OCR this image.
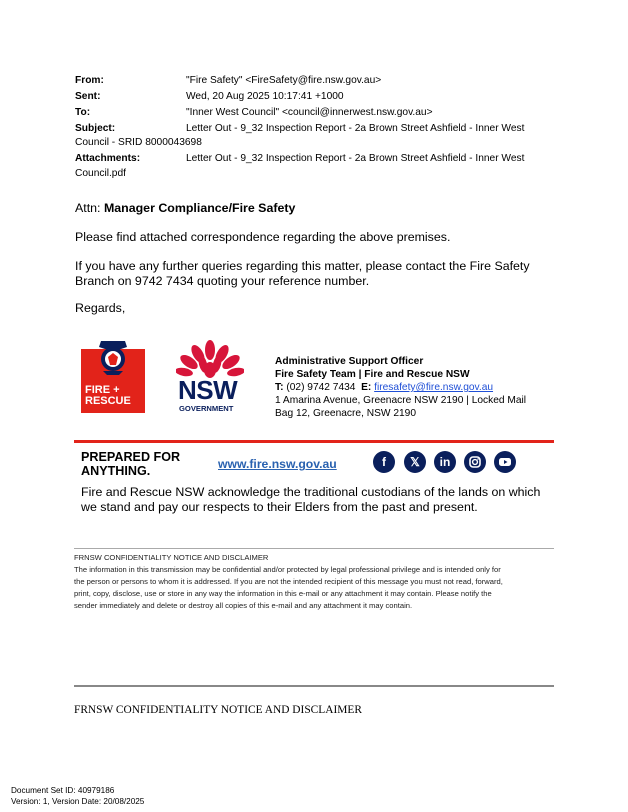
From:	"Fire Safety" <FireSafety@fire.nsw.gov.au>
Sent:	Wed, 20 Aug 2025 10:17:41 +1000
To:	"Inner West Council" <council@innerwest.nsw.gov.au>
Subject:	Letter Out - 9_32 Inspection Report - 2a Brown Street Ashfield - Inner West
Council - SRID 8000043698
Attachments:	Letter Out - 9_32 Inspection Report - 2a Brown Street Ashfield - Inner West
Council.pdf
Attn: Manager Compliance/Fire Safety
Please find attached correspondence regarding the above premises.
If you have any further queries regarding this matter, please contact the Fire Safety
Branch on 9742 7434 quoting your reference number.
Regards,
FIRE +
RESCUE NSW
GOVERNMENT
Administrative Support Officer
Fire Safety Team | Fire and Rescue NSW
T: (02) 9742 7434 E: firesafety@fire.nsw.gov.au
1 Amarina Avenue, Greenacre NSW 2190 | Locked Mail
Bag 12, Greenacre, NSW 2190
PREPARED FOR
ANYTHING.	www.fire.nsw.gov.au	f	𝕏	in
Fire and Rescue NSW acknowledge the traditional custodians of the lands on which
we stand and pay our respects to their Elders from the past and present.
FRNSW CONFIDENTIALITY NOTICE AND DISCLAIMER
The information in this transmission may be confidential and/or protected by legal professional privilege and is intended only for
the person or persons to whom it is addressed. If you are not the intended recipient of this message you must not read, forward,
print, copy, disclose, use or store in any way the information in this e-mail or any attachment it may contain. Please notify the
sender immediately and delete or destroy all copies of this e-mail and any attachment it may contain.
FRNSW CONFIDENTIALITY NOTICE AND DISCLAIMER
Document Set ID: 40979186
Version: 1, Version Date: 20/08/2025
